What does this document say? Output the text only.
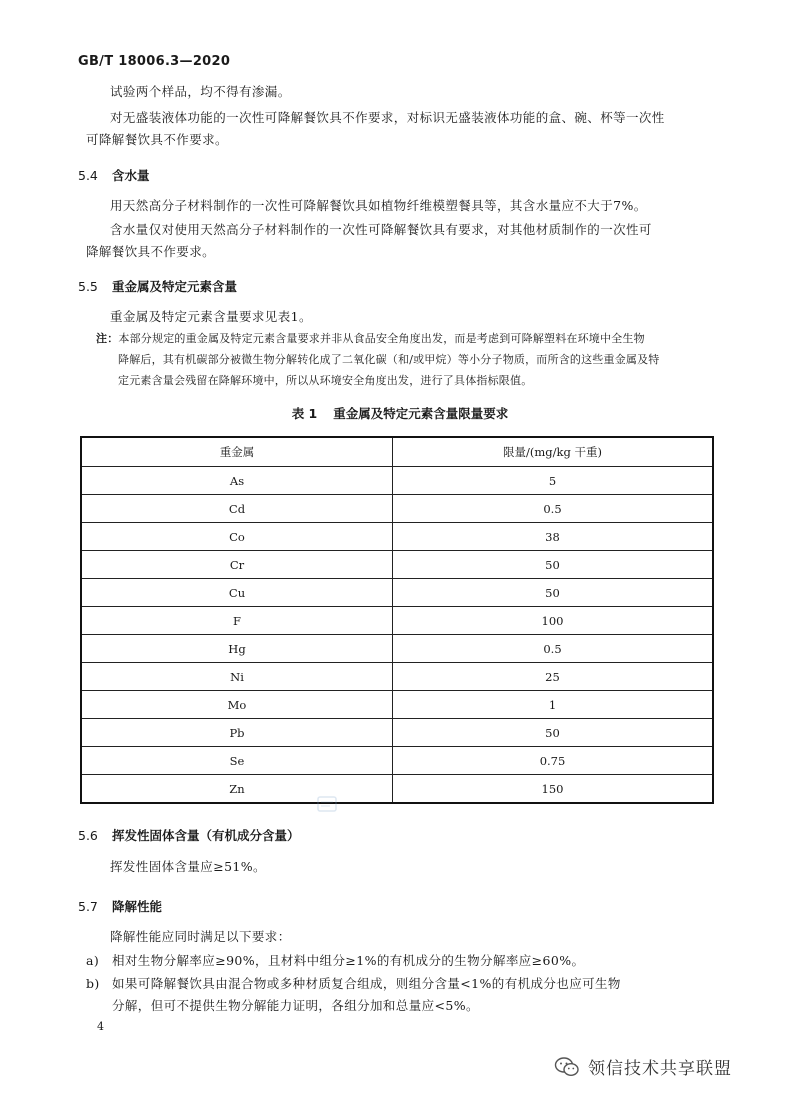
GB/T 18006.3—2020
试验两个样品，均不得有渗漏。
对无盛装液体功能的一次性可降解餐饮具不作要求，对标识无盛装液体功能的盒、碗、杯等一次性
可降解餐饮具不作要求。
5.4 含水量
用天然高分子材料制作的一次性可降解餐饮具如植物纤维模塑餐具等，其含水量应不大于7%。
含水量仅对使用天然高分子材料制作的一次性可降解餐饮具有要求，对其他材质制作的一次性可
降解餐饮具不作要求。
5.5 重金属及特定元素含量
重金属及特定元素含量要求见表1。
注：本部分规定的重金属及特定元素含量要求并非从食品安全角度出发，而是考虑到可降解塑料在环境中全生物
降解后，其有机碳部分被微生物分解转化成了二氧化碳（和/或甲烷）等小分子物质，而所含的这些重金属及特
定元素含量会残留在降解环境中，所以从环境安全角度出发，进行了具体指标限值。
表 1 重金属及特定元素含量限量要求
重金属	限量/(mg/kg 干重)
As	5
Cd	0.5
Co	38
Cr	50
Cu	50
F	100
Hg	0.5
Ni	25
Mo	1
Pb	50
Se	0.75
Zn	150
5.6 挥发性固体含量（有机成分含量）
挥发性固体含量应≥51%。
5.7 降解性能
降解性能应同时满足以下要求：
a) 相对生物分解率应≥90%，且材料中组分≥1%的有机成分的生物分解率应≥60%。
b) 如果可降解餐饮具由混合物或多种材质复合组成，则组分含量<1%的有机成分也应可生物
分解，但可不提供生物分解能力证明，各组分加和总量应<5%。
4
领信技术共享联盟
